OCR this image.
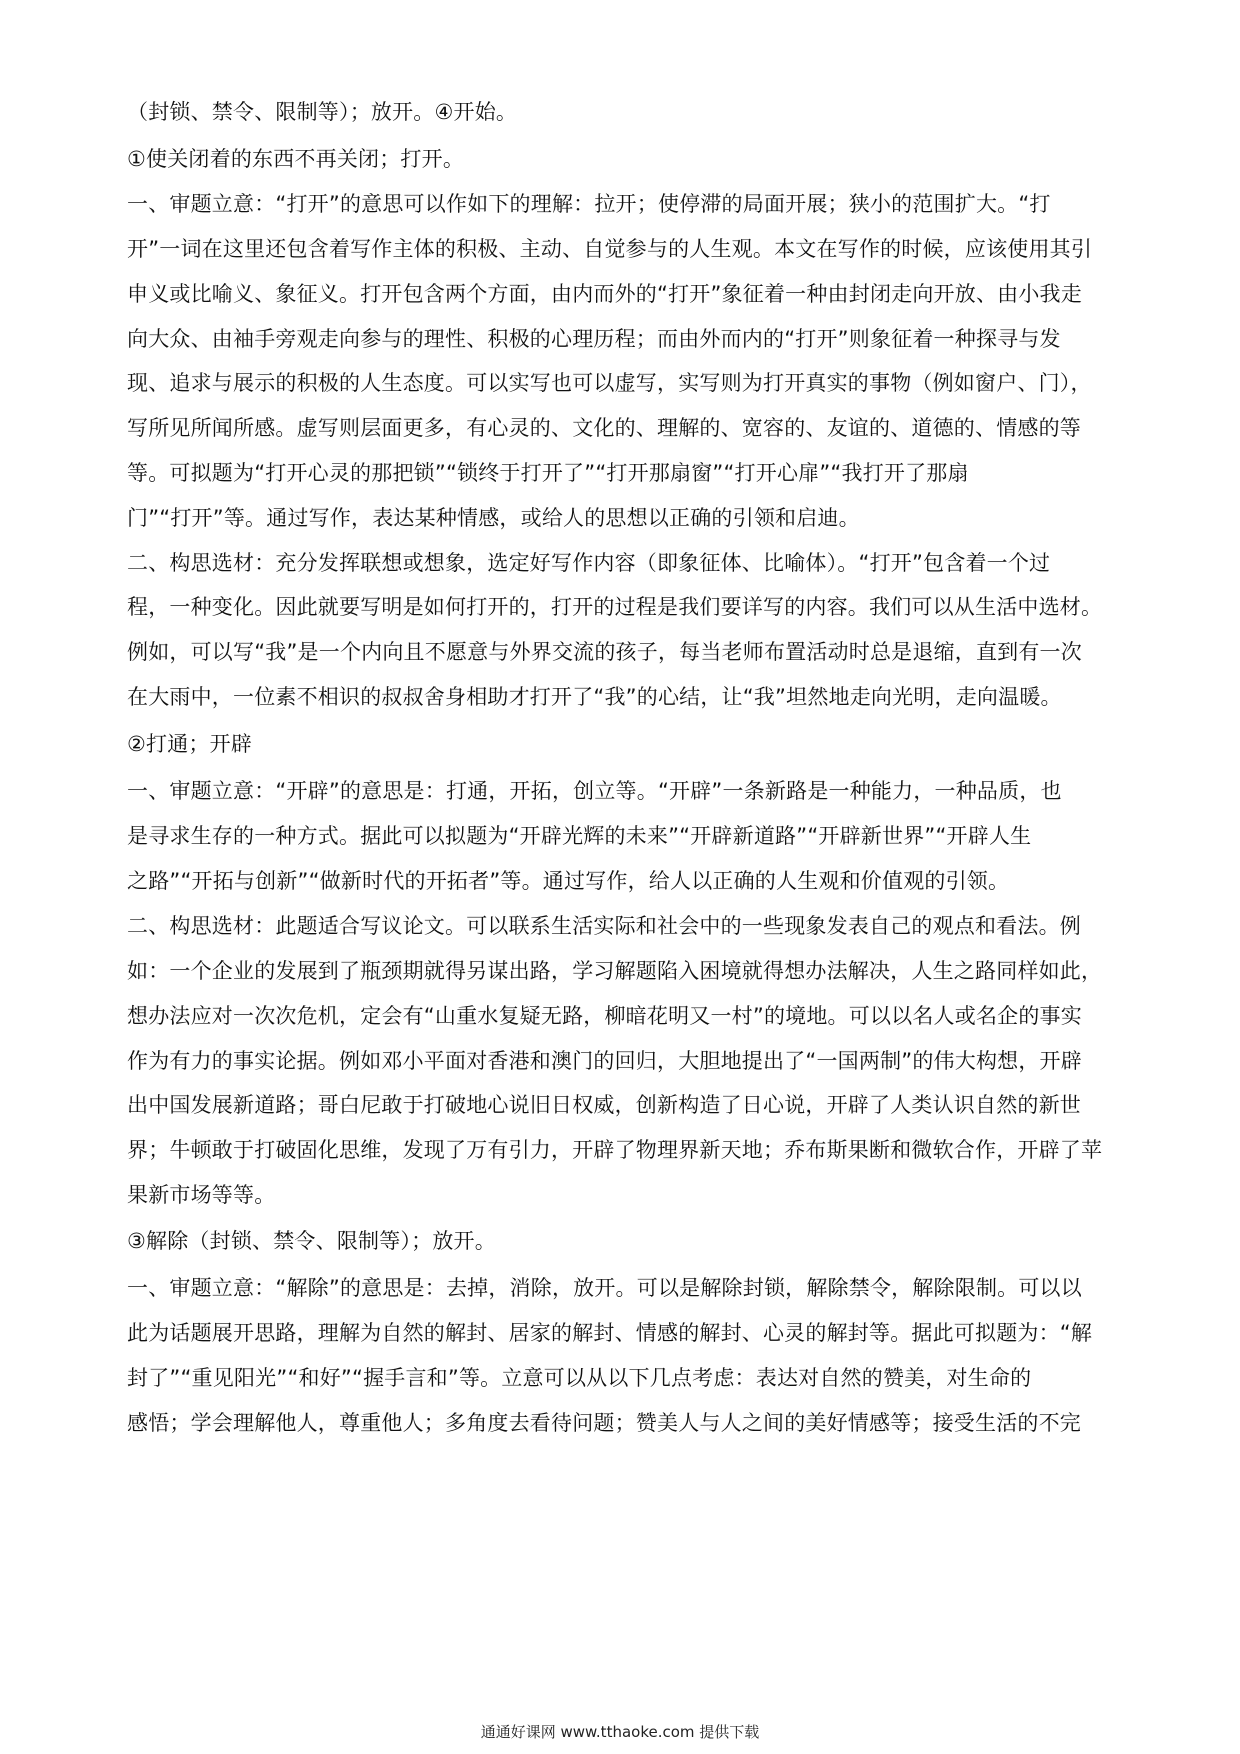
（封锁、禁令、限制等）；放开。④开始。
①使关闭着的东西不再关闭；打开。
一、审题立意：“打开”的意思可以作如下的理解：拉开；使停滞的局面开展；狭小的范围扩大。“打
开”一词在这里还包含着写作主体的积极、主动、自觉参与的人生观。本文在写作的时候，应该使用其引
申义或比喻义、象征义。打开包含两个方面，由内而外的“打开”象征着一种由封闭走向开放、由小我走
向大众、由袖手旁观走向参与的理性、积极的心理历程；而由外而内的“打开”则象征着一种探寻与发
现、追求与展示的积极的人生态度。可以实写也可以虚写，实写则为打开真实的事物（例如窗户、门），
写所见所闻所感。虚写则层面更多，有心灵的、文化的、理解的、宽容的、友谊的、道德的、情感的等
等。可拟题为“打开心灵的那把锁”“锁终于打开了”“打开那扇窗”“打开心扉”“我打开了那扇
门”“打开”等。通过写作，表达某种情感，或给人的思想以正确的引领和启迪。
二、构思选材：充分发挥联想或想象，选定好写作内容（即象征体、比喻体）。“打开”包含着一个过
程，一种变化。因此就要写明是如何打开的，打开的过程是我们要详写的内容。我们可以从生活中选材。
例如，可以写“我”是一个内向且不愿意与外界交流的孩子，每当老师布置活动时总是退缩，直到有一次
在大雨中，一位素不相识的叔叔舍身相助才打开了“我”的心结，让“我”坦然地走向光明，走向温暖。
②打通；开辟
一、审题立意：“开辟”的意思是：打通，开拓，创立等。“开辟”一条新路是一种能力，一种品质，也
是寻求生存的一种方式。据此可以拟题为“开辟光辉的未来”“开辟新道路”“开辟新世界”“开辟人生
之路”“开拓与创新”“做新时代的开拓者”等。通过写作，给人以正确的人生观和价值观的引领。
二、构思选材：此题适合写议论文。可以联系生活实际和社会中的一些现象发表自己的观点和看法。例
如：一个企业的发展到了瓶颈期就得另谋出路，学习解题陷入困境就得想办法解决，人生之路同样如此，
想办法应对一次次危机，定会有“山重水复疑无路，柳暗花明又一村”的境地。可以以名人或名企的事实
作为有力的事实论据。例如邓小平面对香港和澳门的回归，大胆地提出了“一国两制”的伟大构想，开辟
出中国发展新道路；哥白尼敢于打破地心说旧日权威，创新构造了日心说，开辟了人类认识自然的新世
界；牛顿敢于打破固化思维，发现了万有引力，开辟了物理界新天地；乔布斯果断和微软合作，开辟了苹
果新市场等等。
③解除（封锁、禁令、限制等）；放开。
一、审题立意：“解除”的意思是：去掉，消除，放开。可以是解除封锁，解除禁令，解除限制。可以以
此为话题展开思路，理解为自然的解封、居家的解封、情感的解封、心灵的解封等。据此可拟题为：“解
封了”“重见阳光”“和好”“握手言和”等。立意可以从以下几点考虑：表达对自然的赞美，对生命的
感悟；学会理解他人，尊重他人；多角度去看待问题；赞美人与人之间的美好情感等；接受生活的不完
通通好课网 www.tthaoke.com 提供下载
